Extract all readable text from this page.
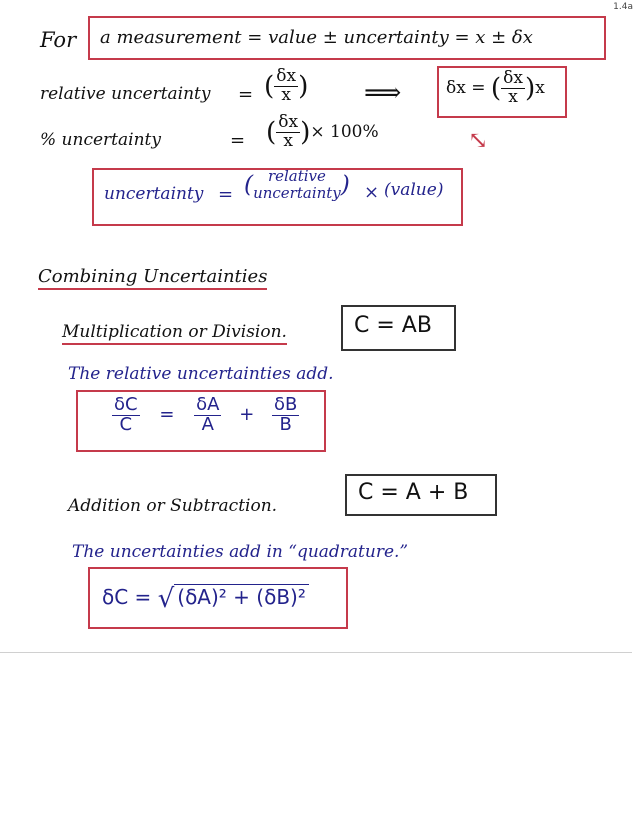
1.4a
For a measurement = value ± uncertainty = x ± δx
relative uncertainty = ( $\frac{\delta x}{x}$ ) ⟹	δx = ( $\frac{\delta x}{x} )x$
% uncertainty	= ( $\frac{\delta x}{x}$ )× 100%	⤡
uncertainty = ( relative
uncertainty ) × (value)
Combining Uncertainties
Multiplication or Division.	C = AB
The relative uncertainties add.
$\frac{\delta C}{C} = \frac{\delta A}{A} + \frac{\delta B}{B}$
Addition or Subtraction.
C = A + B
The uncertainties add in “quadrature.”
δC = √ (δA)² + (δB)²
